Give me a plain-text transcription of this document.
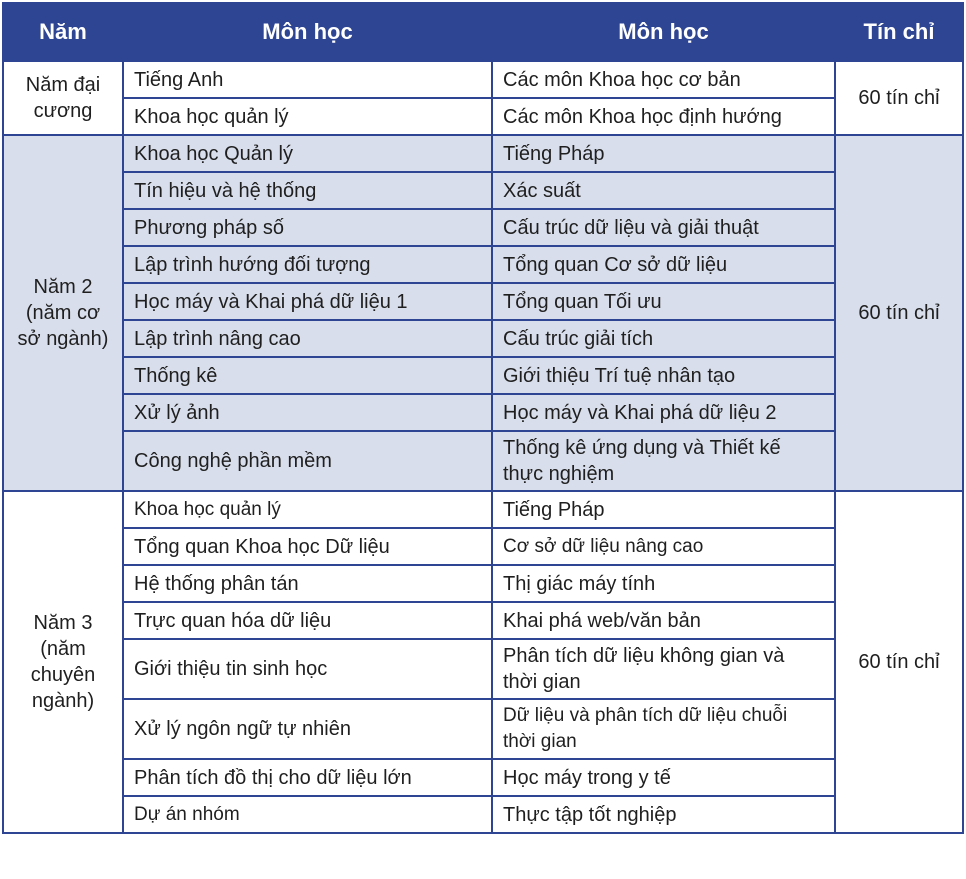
Năm	Môn học	Môn học	Tín chỉ
Năm đại cương	Tiếng Anh	Các môn Khoa học cơ bản	60 tín chỉ
	Khoa học quản lý	Các môn Khoa học định hướng	
Năm 2 (năm cơ sở ngành)	Khoa học Quản lý	Tiếng Pháp	60 tín chỉ
	Tín hiệu và hệ thống	Xác suất	
	Phương pháp số	Cấu trúc dữ liệu và giải thuật	
	Lập trình hướng đối tượng	Tổng quan Cơ sở dữ liệu	
	Học máy và Khai phá dữ liệu 1	Tổng quan Tối ưu	
	Lập trình nâng cao	Cấu trúc giải tích	
	Thống kê	Giới thiệu Trí tuệ nhân tạo	
	Xử lý ảnh	Học máy và Khai phá dữ liệu 2	
	Công nghệ phần mềm	Thống kê ứng dụng và Thiết kế thực nghiệm	
Năm 3 (năm chuyên ngành)	Khoa học quản lý	Tiếng Pháp	60 tín chỉ
	Tổng quan Khoa học Dữ liệu	Cơ sở dữ liệu nâng cao	
	Hệ thống phân tán	Thị giác máy tính	
	Trực quan hóa dữ liệu	Khai phá web/văn bản	
	Giới thiệu tin sinh học	Phân tích dữ liệu không gian và thời gian	
	Xử lý ngôn ngữ tự nhiên	Dữ liệu và phân tích dữ liệu chuỗi thời gian	
	Phân tích đồ thị cho dữ liệu lớn	Học máy trong y tế	
	Dự án nhóm	Thực tập tốt nghiệp	
